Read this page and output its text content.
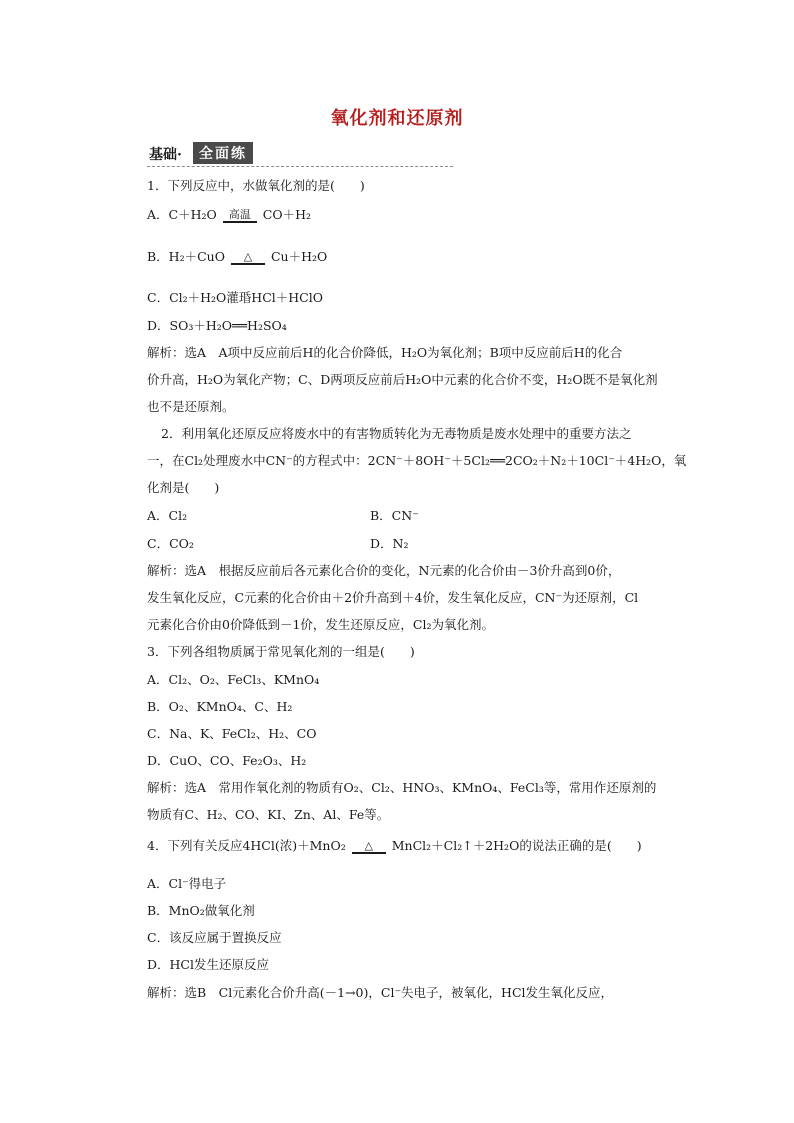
氧化剂和还原剂
基础·	全面练
1．下列反应中，水做氧化剂的是(　　)
A．C＋H₂O	高温 CO＋H₂
B．H₂＋CuO	△	Cu＋H₂O
C．Cl₂＋H₂O灌琘HCl＋HClO
D．SO₃＋H₂O══H₂SO₄
解析：选A　A项中反应前后H的化合价降低，H₂O为氧化剂；B项中反应前后H的化合
价升高，H₂O为氧化产物；C、D两项反应前后H₂O中元素的化合价不变，H₂O既不是氧化剂
也不是还原剂。
2．利用氧化还原反应将废水中的有害物质转化为无毒物质是废水处理中的重要方法之
一，在Cl₂处理废水中CN⁻的方程式中：2CN⁻＋8OH⁻＋5Cl₂══2CO₂＋N₂＋10Cl⁻＋4H₂O，氧
化剂是(　　)
A．Cl₂	B．CN⁻
C．CO₂	D．N₂
解析：选A　根据反应前后各元素化合价的变化，N元素的化合价由－3价升高到0价，
发生氧化反应，C元素的化合价由＋2价升高到＋4价，发生氧化反应，CN⁻为还原剂，Cl
元素化合价由0价降低到－1价，发生还原反应，Cl₂为氧化剂。
3．下列各组物质属于常见氧化剂的一组是(　　)
A．Cl₂、O₂、FeCl₃、KMnO₄
B．O₂、KMnO₄、C、H₂
C．Na、K、FeCl₂、H₂、CO
D．CuO、CO、Fe₂O₃、H₂
解析：选A　常用作氧化剂的物质有O₂、Cl₂、HNO₃、KMnO₄、FeCl₃等，常用作还原剂的
物质有C、H₂、CO、KI、Zn、Al、Fe等。
4．下列有关反应4HCl(浓)＋MnO₂	△	MnCl₂＋Cl₂↑＋2H₂O的说法正确的是(　　)
A．Cl⁻得电子
B．MnO₂做氧化剂
C．该反应属于置换反应
D．HCl发生还原反应
解析：选B　Cl元素化合价升高(－1→0)，Cl⁻失电子，被氧化，HCl发生氧化反应，
